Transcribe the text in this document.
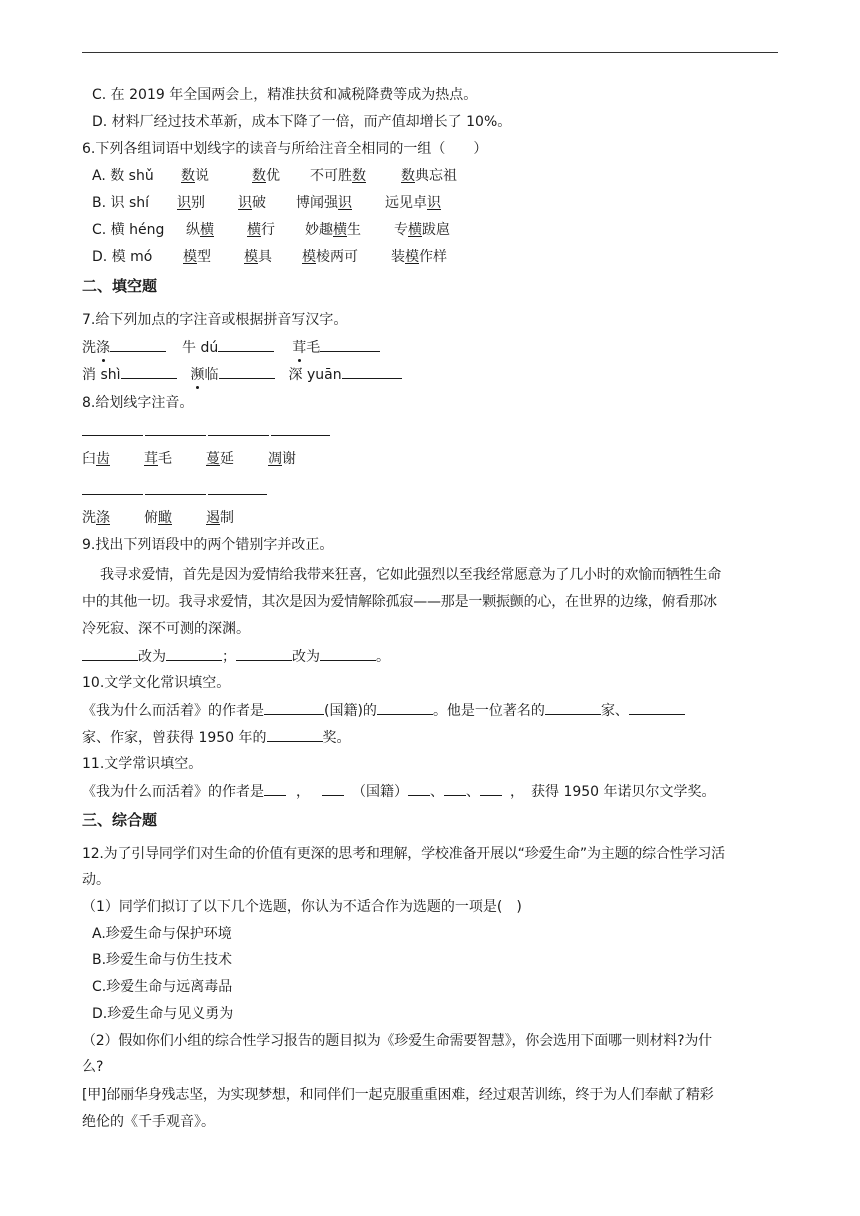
C. 在 2019 年全国两会上，精准扶贫和减税降费等成为热点。
D. 材料厂经过技术革新，成本下降了一倍，而产值却增长了 10%。
6.下列各组词语中划线字的读音与所给注音全相同的一组（　　）
A. 数 shǔ 数说	数优 不可胜数	数典忘祖
B. 识 shí 识别 识破 博闻强识 远见卓识
C. 横 héng 纵横 横行 妙趣横生 专横跋扈
D. 模 mó 模型 模具 模棱两可 装模作样
二、填空题
7.给下列加点的字注音或根据拼音写汉字。
洗涤	牛 dú	茸毛
消 shì	濒临	深 yuān
8.给划线字注音。
臼齿 茸毛 蔓延 凋谢
洗涤 俯瞰 遏制
9.找出下列语段中的两个错别字并改正。
我寻求爱情，首先是因为爱情给我带来狂喜，它如此强烈以至我经常愿意为了几小时的欢愉而牺牲生命
中的其他一切。我寻求爱情，其次是因为爱情解除孤寂——那是一颗振颤的心，在世界的边缘，俯看那冰
冷死寂、深不可测的深渊。
改为	；	改为	。
10.文学文化常识填空。
《我为什么而活着》的作者是	(国籍)的	。他是一位著名的	家、
家、作家，曾获得 1950 年的	奖。
11.文学常识填空。
《我为什么而活着》的作者是 ，	（国籍） 、 、 ，　获得 1950 年诺贝尔文学奖。
三、综合题
12.为了引导同学们对生命的价值有更深的思考和理解，学校准备开展以“珍爱生命”为主题的综合性学习活
动。
（1）同学们拟订了以下几个选题，你认为不适合作为选题的一项是(　)
A.珍爱生命与保护环境
B.珍爱生命与仿生技术
C.珍爱生命与远离毒品
D.珍爱生命与见义勇为
（2）假如你们小组的综合性学习报告的题目拟为《珍爱生命需要智慧》，你会选用下面哪一则材料?为什
么?
[甲]邰丽华身残志坚，为实现梦想，和同伴们一起克服重重困难，经过艰苦训练，终于为人们奉献了精彩
绝伦的《千手观音》。
